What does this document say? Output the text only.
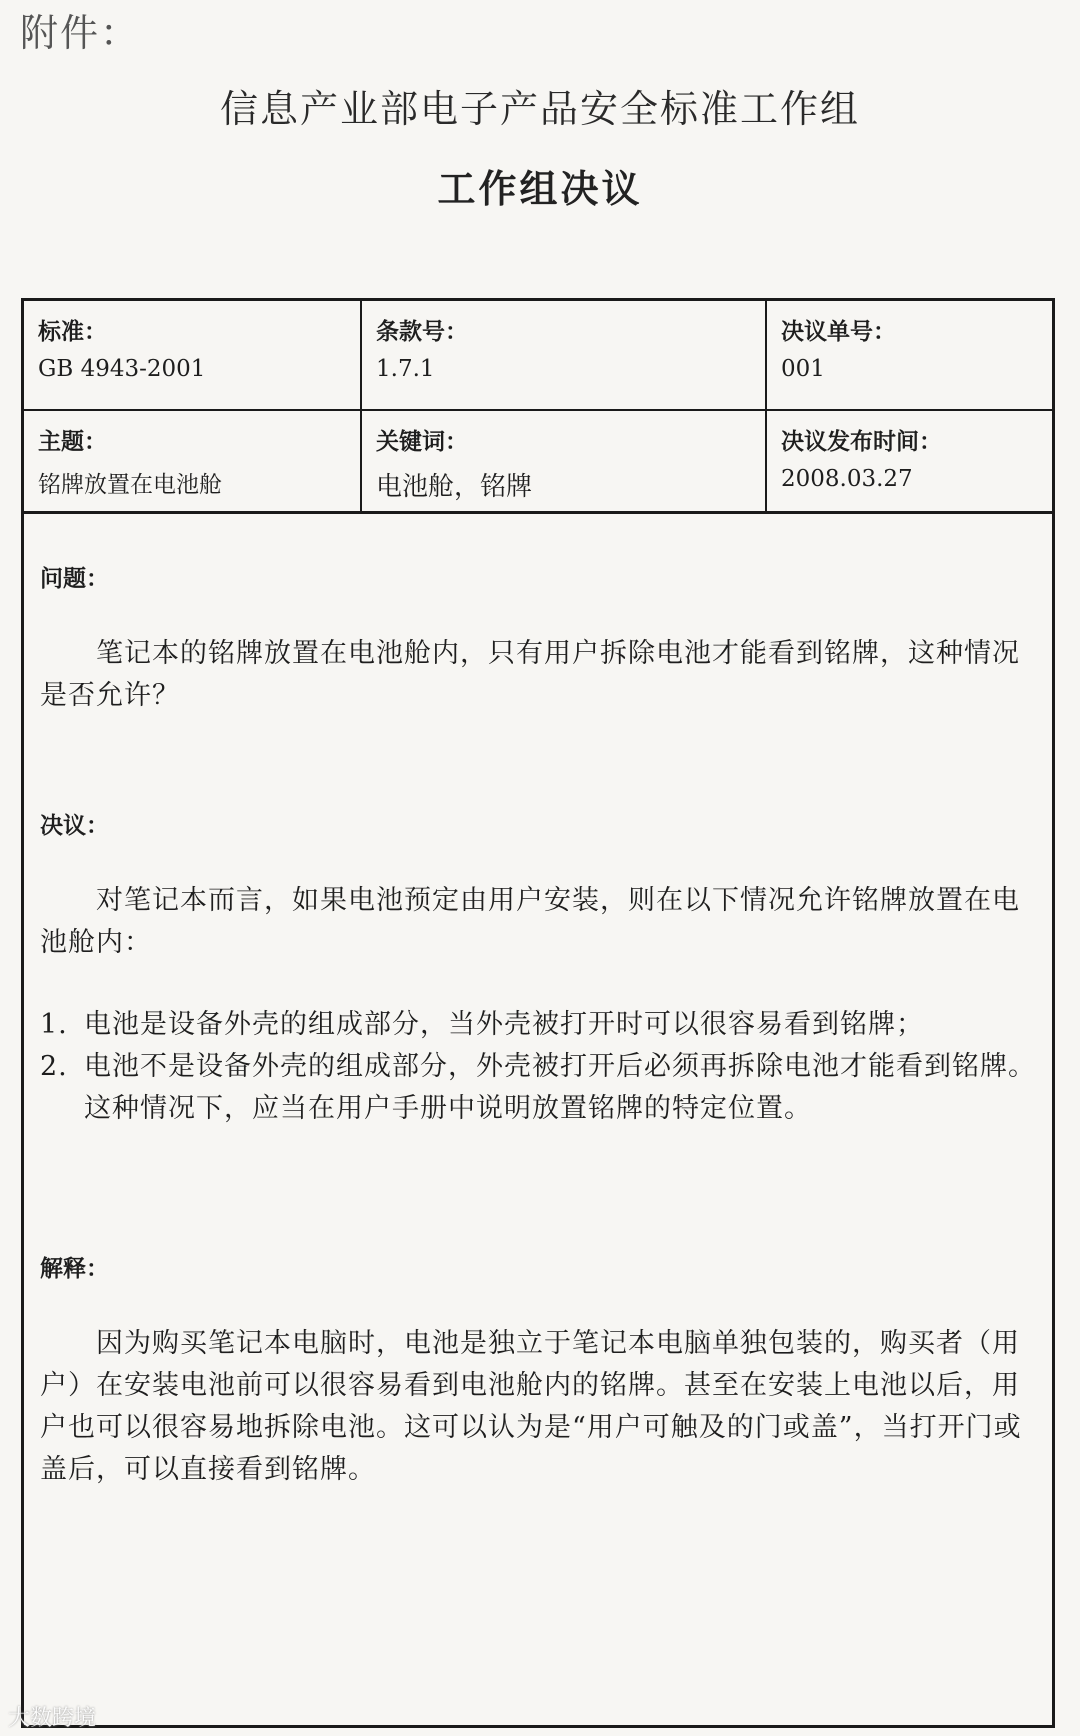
附件：
信息产业部电子产品安全标准工作组
工作组决议
标准：
GB 4943-2001
条款号：
1.7.1
决议单号：
001
主题：
铭牌放置在电池舱
关键词：
电池舱，铭牌
决议发布时间：
2008.03.27
问题：
笔记本的铭牌放置在电池舱内，只有用户拆除电池才能看到铭牌，这种情况是否允许？
决议：
对笔记本而言，如果电池预定由用户安装，则在以下情况允许铭牌放置在电池舱内：
1. 电池是设备外壳的组成部分，当外壳被打开时可以很容易看到铭牌；
2. 电池不是设备外壳的组成部分，外壳被打开后必须再拆除电池才能看到铭牌。这种情况下，应当在用户手册中说明放置铭牌的特定位置。
解释：
因为购买笔记本电脑时，电池是独立于笔记本电脑单独包装的，购买者（用户）在安装电池前可以很容易看到电池舱内的铭牌。甚至在安装上电池以后，用户也可以很容易地拆除电池。这可以认为是“用户可触及的门或盖”，当打开门或盖后，可以直接看到铭牌。
大数跨境
